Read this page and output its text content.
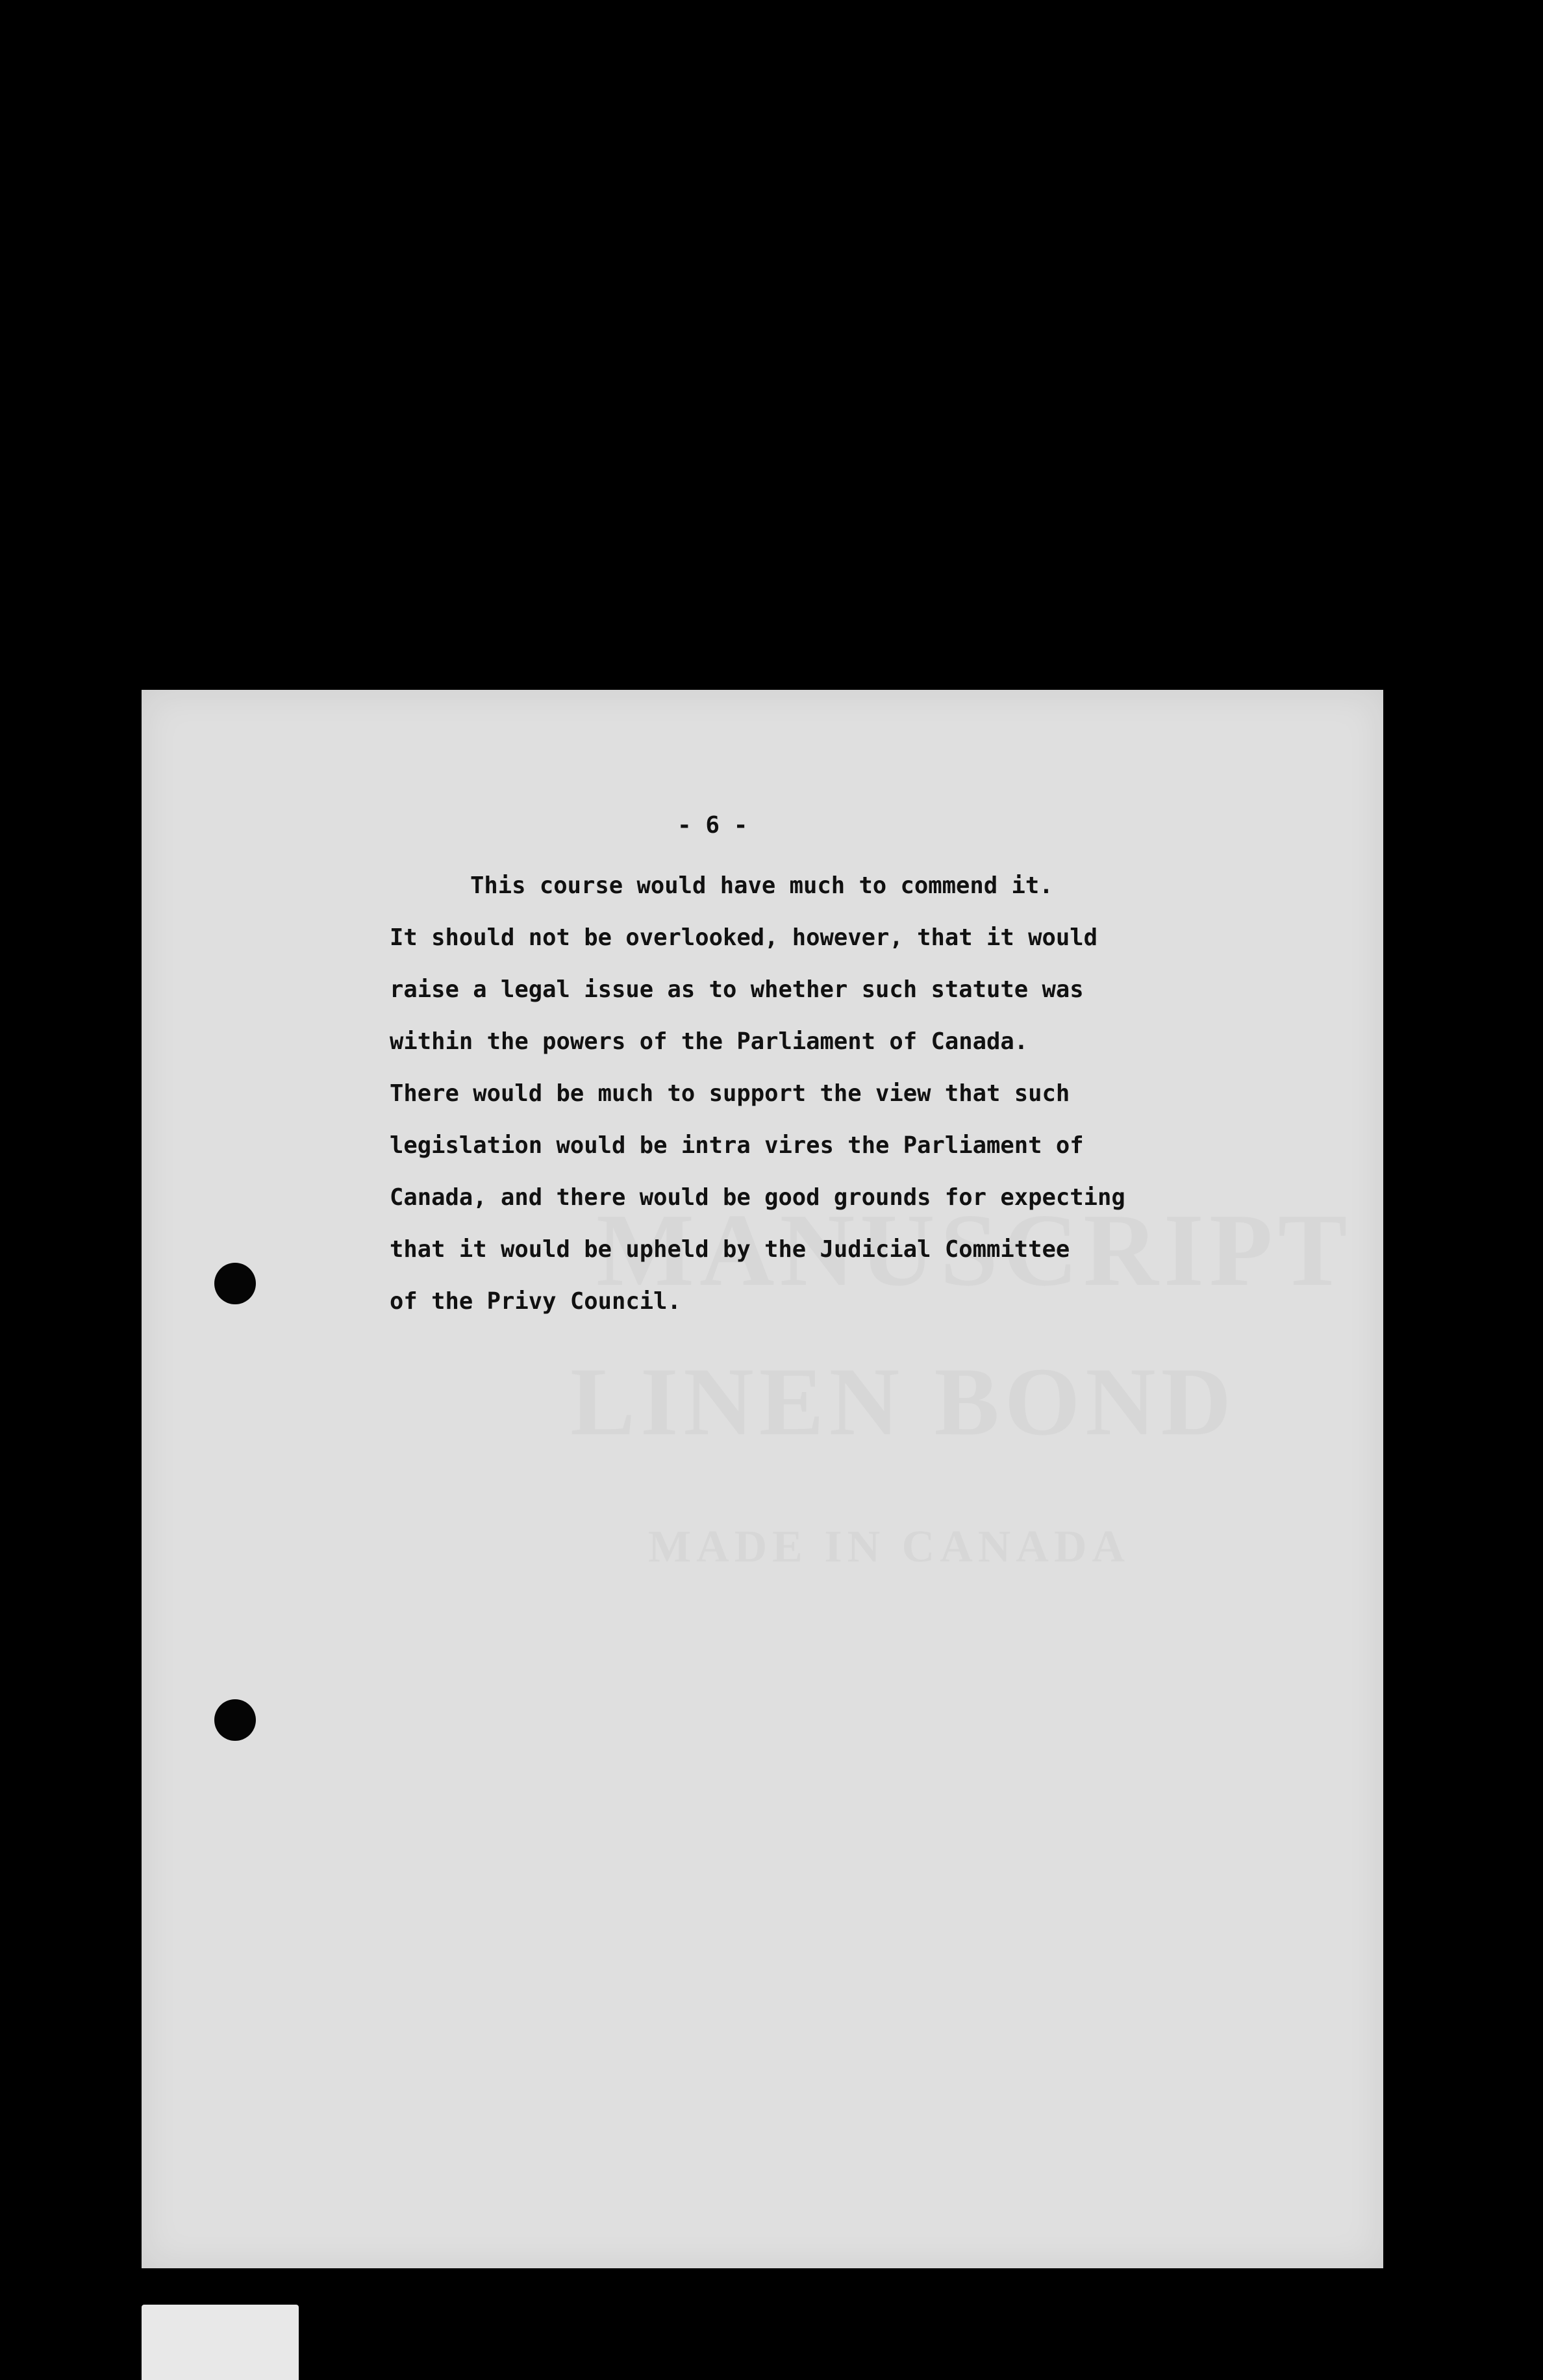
- 6 -
This course would have much to commend it.
It should not be overlooked, however, that it would
raise a legal issue as to whether such statute was
within the powers of the Parliament of Canada.
There would be much to support the view that such
legislation would be intra vires the Parliament of
Canada, and there would be good grounds for expecting
that it would be upheld by the Judicial Committee
of the Privy Council.
